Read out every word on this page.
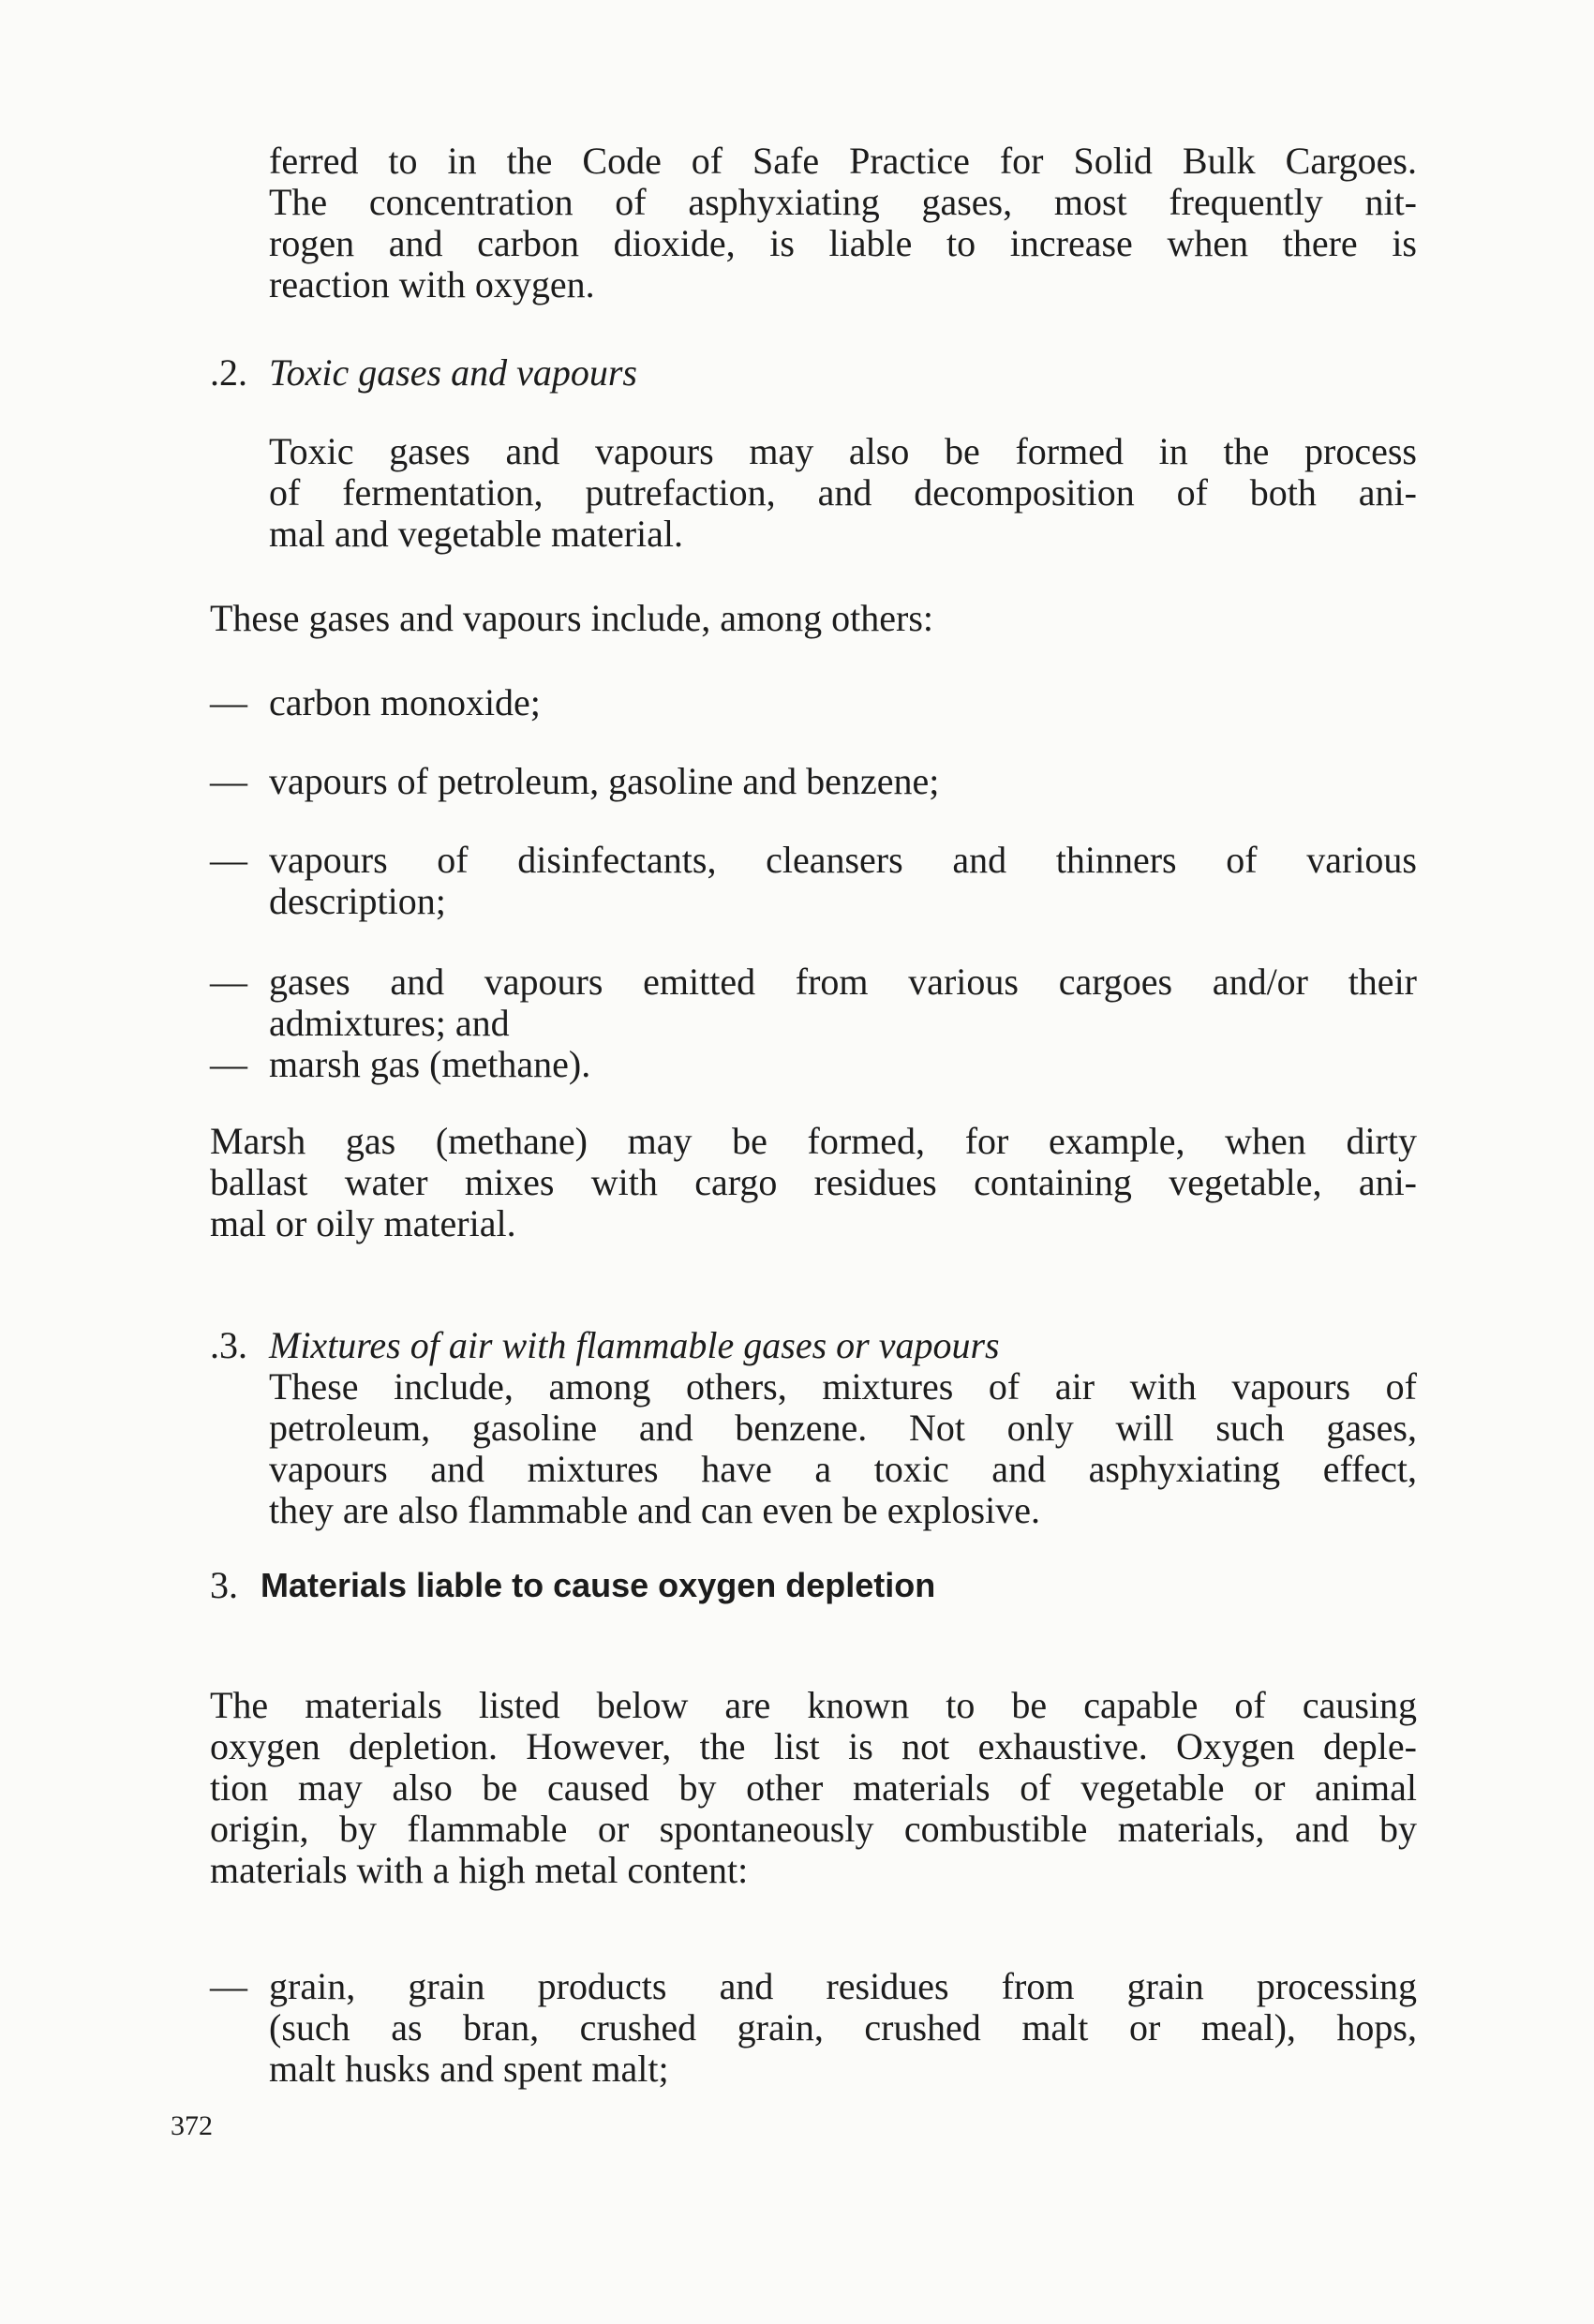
ferred to in the Code of Safe Practice for Solid Bulk Cargoes.

The concentration of asphyxiating gases, most frequently nit-

rogen and carbon dioxide, is liable to increase when there is

reaction with oxygen.

.2. Toxic gases and vapours

Toxic gases and vapours may also be formed in the process

of fermentation, putrefaction, and decomposition of both ani-

mal and vegetable material.

These gases and vapours include, among others:
— carbon monoxide;
— vapours of petroleum, gasoline and benzene;
— vapours of disinfectants, cleansers and thinners of various

description;

— gases and vapours emitted from various cargoes and/or their

admixtures; and

— marsh gas (methane).

Marsh gas (methane) may be formed, for example, when dirty

ballast water mixes with cargo residues containing vegetable, ani-

mal or oily material.

.3. Mixtures of air with flammable gases or vapours

These include, among others, mixtures of air with vapours of

petroleum, gasoline and benzene. Not only will such gases,

vapours and mixtures have a toxic and asphyxiating effect,

they are also flammable and can even be explosive.

3. Materials liable to cause oxygen depletion

The materials listed below are known to be capable of causing

oxygen depletion. However, the list is not exhaustive. Oxygen deple-

tion may also be caused by other materials of vegetable or animal

origin, by flammable or spontaneously combustible materials, and by

materials with a high metal content:

— grain, grain products and residues from grain processing

(such as bran, crushed grain, crushed malt or meal), hops,

malt husks and spent malt;

372
